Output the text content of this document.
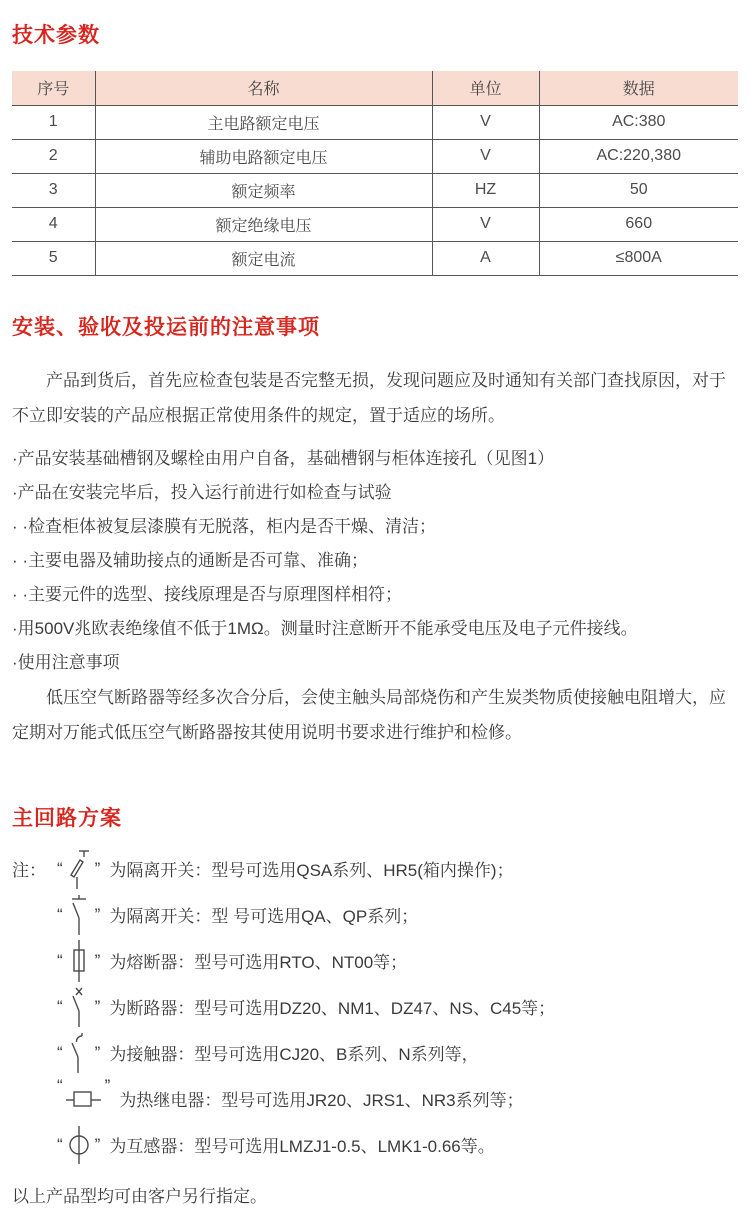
技术参数
序号	名称	单位	数据
1	主电路额定电压	V	AC:380
2	辅助电路额定电压	V	AC:220,380
3	额定频率	HZ	50
4	额定绝缘电压	V	660
5	额定电流	A	≤800A
安装、验收及投运前的注意事项

产品到货后，首先应检查包装是否完整无损，发现问题应及时通知有关部门查找原因，对于不立即安装的产品应根据正常使用条件的规定，置于适应的场所。

·产品安装基础槽钢及螺栓由用户自备，基础槽钢与柜体连接孔（见图1）
·产品在安装完毕后，投入运行前进行如检查与试验
· ·检查柜体被复层漆膜有无脱落，柜内是否干燥、清洁；
· ·主要电器及辅助接点的通断是否可靠、准确；
· ·主要元件的选型、接线原理是否与原理图样相符；
·用500V兆欧表绝缘值不低于1MΩ。测量时注意断开不能承受电压及电子元件接线。
·使用注意事项

低压空气断路器等经多次合分后，会使主触头局部烧伤和产生炭类物质使接触电阻增大，应定期对万能式低压空气断路器按其使用说明书要求进行维护和检修。

主回路方案
注： “ ” 为隔离开关：型号可选用QSA系列、HR5(箱内操作)；
“ ” 为隔离开关：型 号可选用QA、QP系列；
“ ” 为熔断器：型号可选用RTO、NT00等；
“ ” 为断路器：型号可选用DZ20、NM1、DZ47、NS、C45等；
“ ” 为接触器：型号可选用CJ20、B系列、N系列等，
“ ”
为热继电器：型号可选用JR20、JRS1、NR3系列等；
“ ” 为互感器：型号可选用LMZJ1-0.5、LMK1-0.66等。

以上产品型均可由客户另行指定。
